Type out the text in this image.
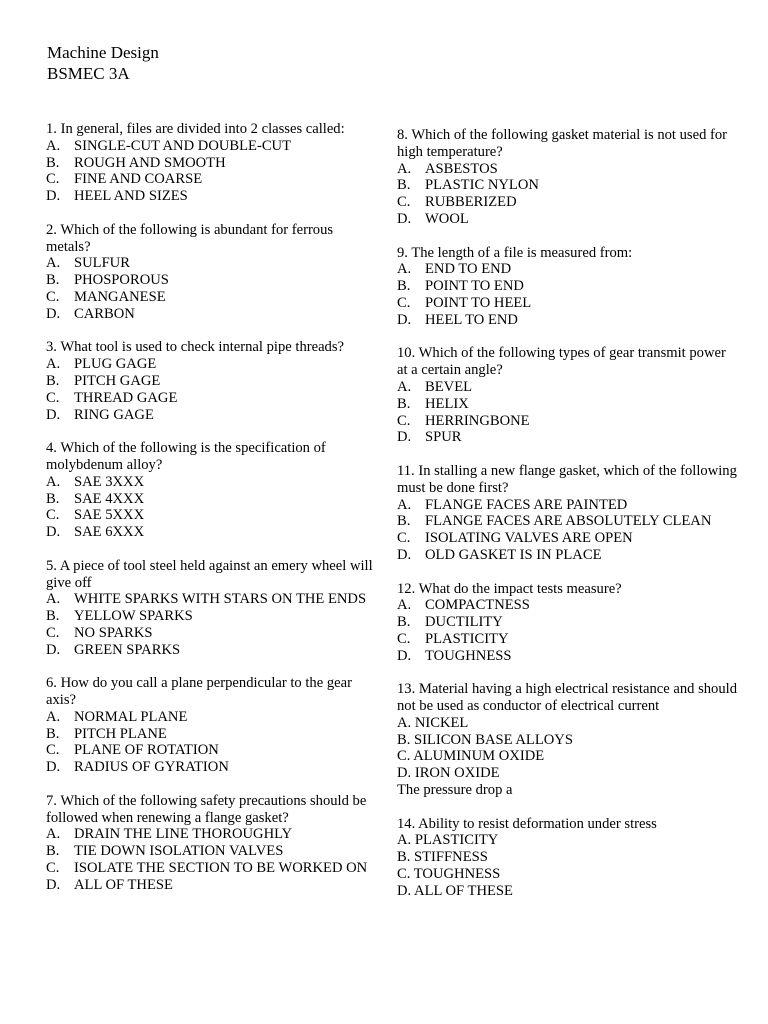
Machine Design
BSMEC 3A
1. In general, files are divided into 2 classes called:
A. SINGLE-CUT AND DOUBLE-CUT
B.	ROUGH AND SMOOTH
C.	FINE AND COARSE
D. HEEL AND SIZES
2. Which of the following is abundant for ferrous metals?
A. SULFUR
B.	PHOSPOROUS
C.	MANGANESE
D. CARBON
3. What tool is used to check internal pipe threads?
A. PLUG GAGE
B.	PITCH GAGE
C.	THREAD GAGE
D. RING GAGE
4. Which of the following is the specification of molybdenum alloy?
A. SAE 3XXX
B.	SAE 4XXX
C.	SAE 5XXX
D. SAE 6XXX
5. A piece of tool steel held against an emery wheel will give off
A. WHITE SPARKS WITH STARS ON THE ENDS
B.	YELLOW SPARKS
C.	NO SPARKS
D. GREEN SPARKS
6. How do you call a plane perpendicular to the gear axis?
A. NORMAL PLANE
B.	PITCH PLANE
C.	PLANE OF ROTATION
D. RADIUS OF GYRATION
7. Which of the following safety precautions should be followed when renewing a flange gasket?
A. DRAIN THE LINE THOROUGHLY
B.	TIE DOWN ISOLATION VALVES
C.	ISOLATE THE SECTION TO BE WORKED ON
D. ALL OF THESE
8. Which of the following gasket material is not used for high temperature?
A. ASBESTOS
B.	PLASTIC NYLON
C.	RUBBERIZED
D. WOOL
9. The length of a file is measured from:
A. END TO END
B.	POINT TO END
C.	POINT TO HEEL
D. HEEL TO END
10. Which of the following types of gear transmit power at a certain angle?
A. BEVEL
B.	HELIX
C.	HERRINGBONE
D. SPUR
11. In stalling a new flange gasket, which of the following must be done first?
A. FLANGE FACES ARE PAINTED
B.	FLANGE FACES ARE ABSOLUTELY CLEAN
C.	ISOLATING VALVES ARE OPEN
D. OLD GASKET IS IN PLACE
12. What do the impact tests measure?
A. COMPACTNESS
B.	DUCTILITY
C.	PLASTICITY
D. TOUGHNESS
13. Material having a high electrical resistance and should not be used as conductor of electrical current
A. NICKEL
B. SILICON BASE ALLOYS
C. ALUMINUM OXIDE
D. IRON OXIDE
The pressure drop a
14. Ability to resist deformation under stress
A. PLASTICITY
B. STIFFNESS
C. TOUGHNESS
D. ALL OF THESE
